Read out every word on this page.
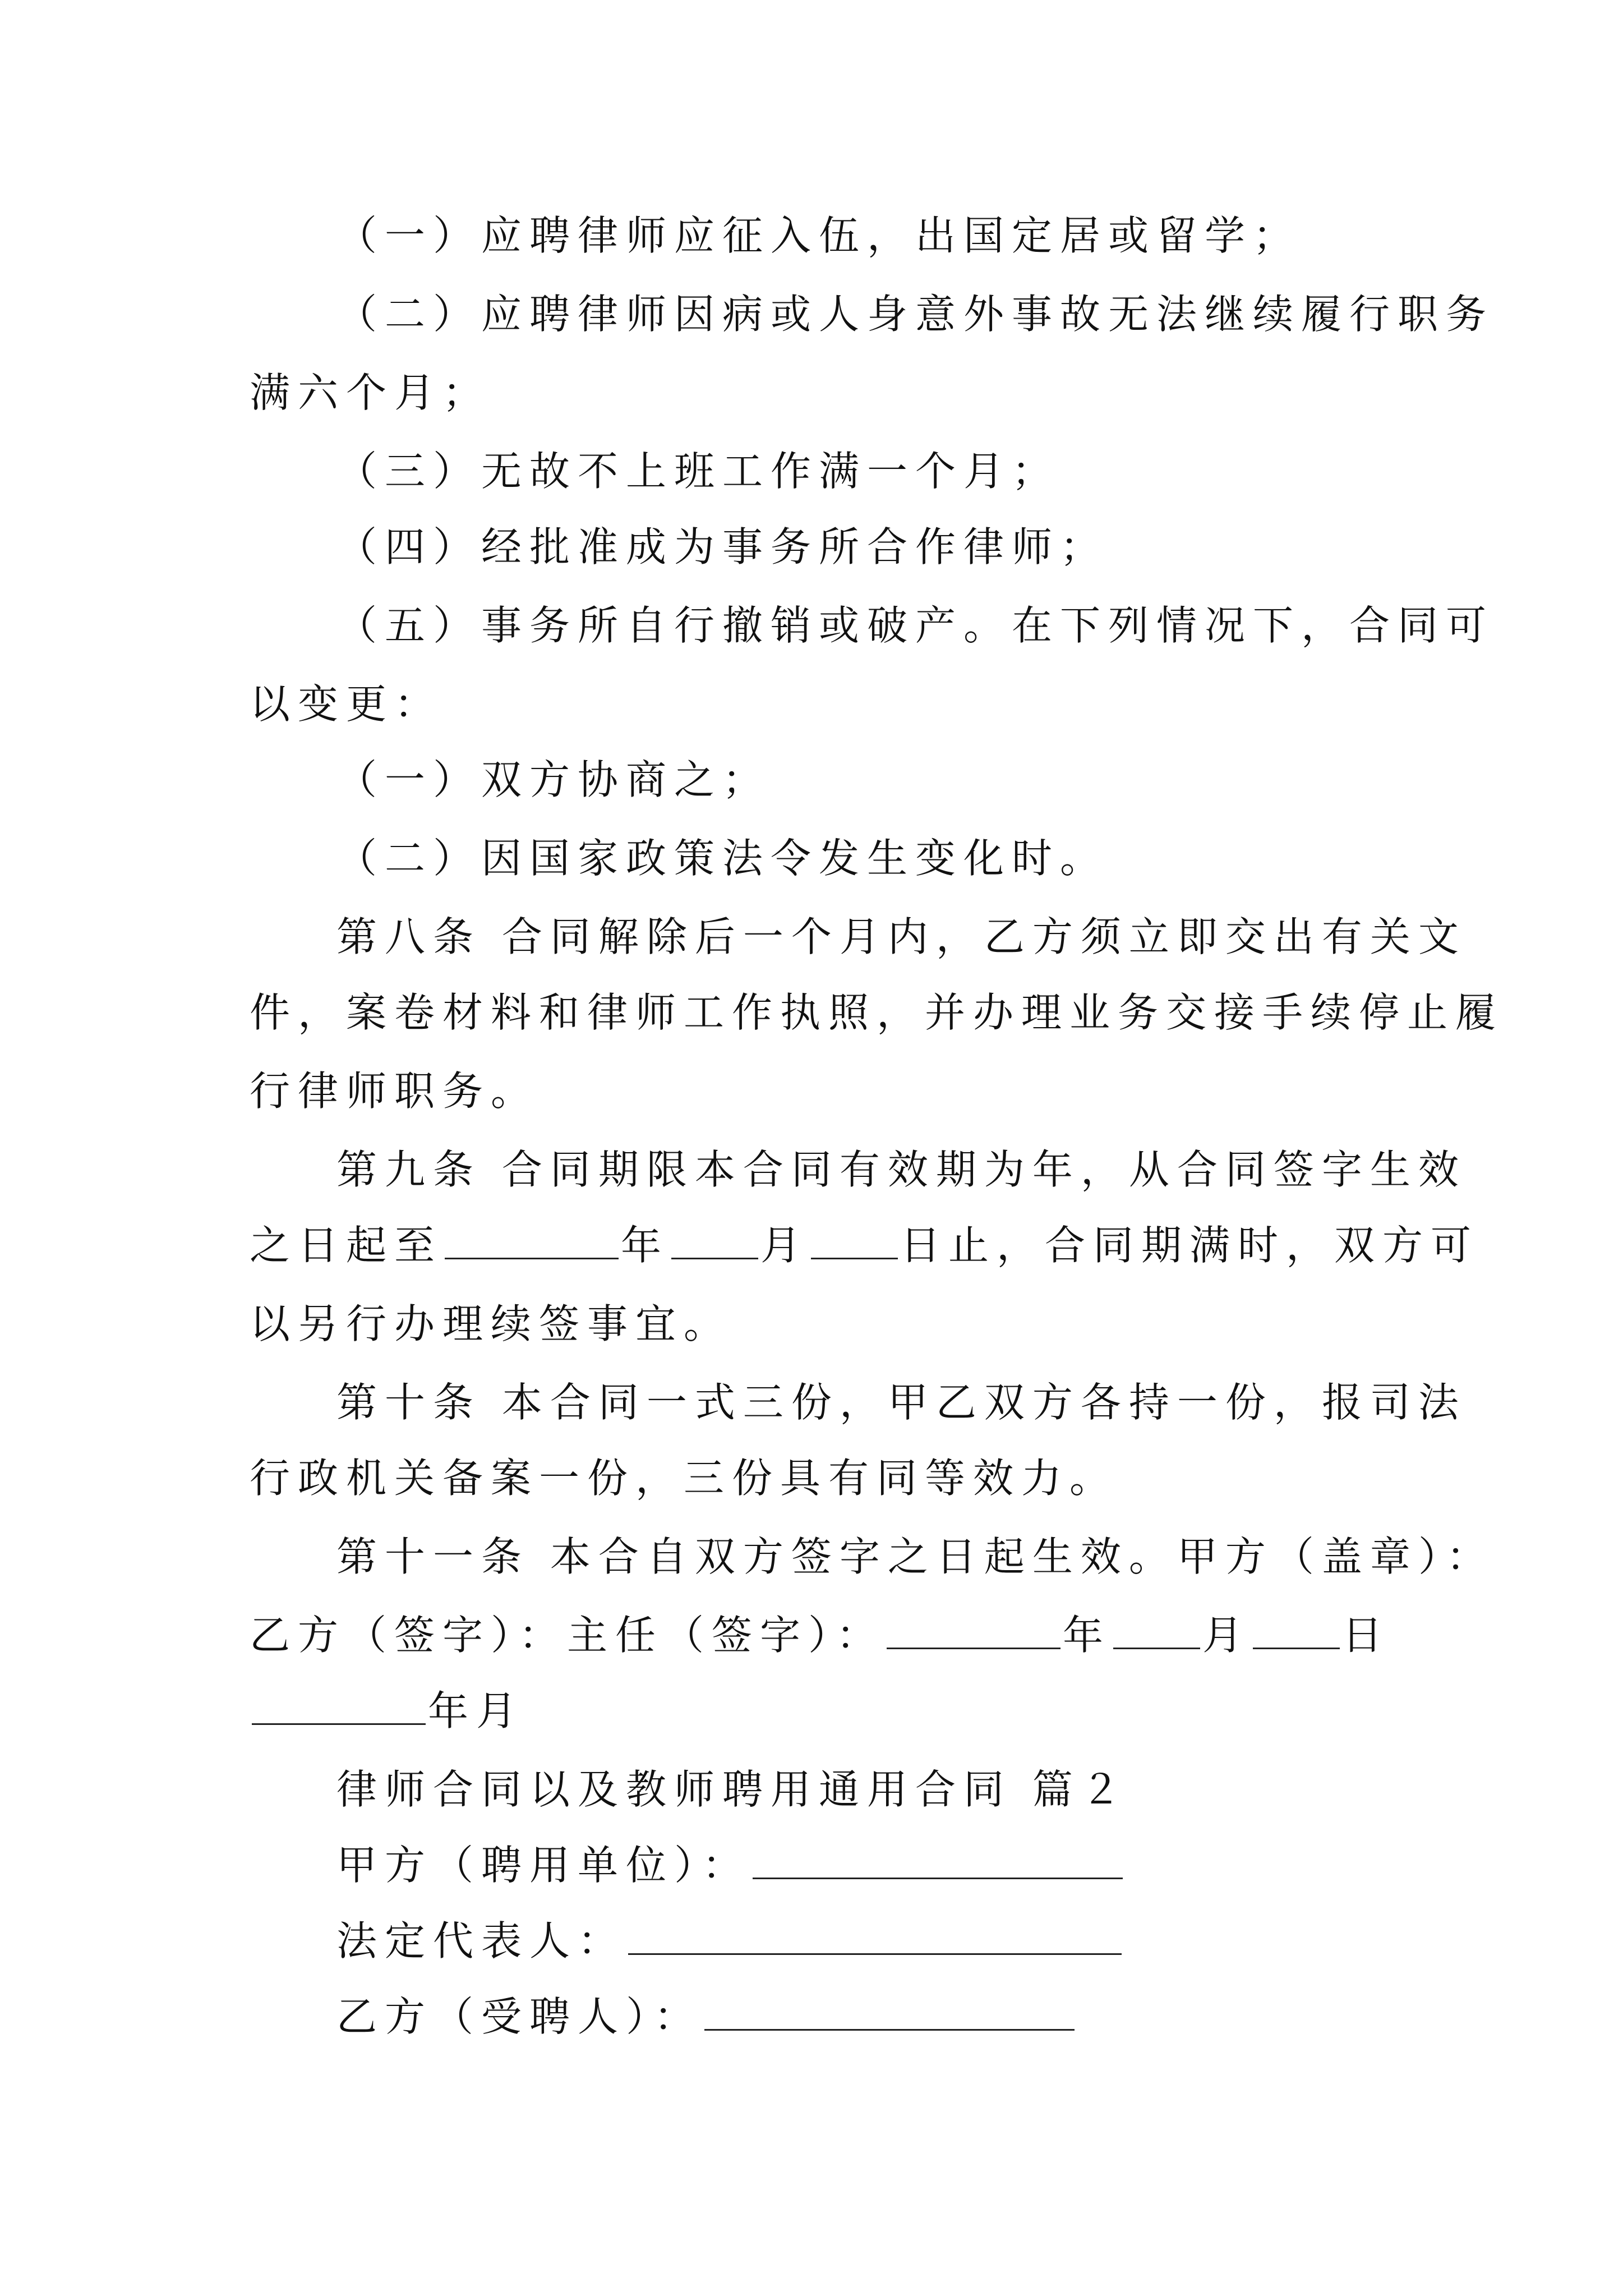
（一）应聘律师应征入伍，出国定居或留学；
（二）应聘律师因病或人身意外事故无法继续履行职务
满六个月；
（三）无故不上班工作满一个月；
（四）经批准成为事务所合作律师；
（五）事务所自行撤销或破产。在下列情况下，合同可
以变更：
（一）双方协商之；
（二）因国家政策法令发生变化时。
第八条 合同解除后一个月内，乙方须立即交出有关文
件，案卷材料和律师工作执照，并办理业务交接手续停止履
行律师职务。
第九条 合同期限本合同有效期为年，从合同签字生效
之日起至	年 月 日止，合同期满时，双方可
以另行办理续签事宜。
第十条 本合同一式三份，甲乙双方各持一份，报司法
行政机关备案一份，三份具有同等效力。
第十一条 本合自双方签字之日起生效。甲方（盖章）：
乙方（签字）：主任（签字）：	年 月 日
年月
律师合同以及教师聘用通用合同 篇２
甲方（聘用单位）：
法定代表人：
乙方（受聘人）：
